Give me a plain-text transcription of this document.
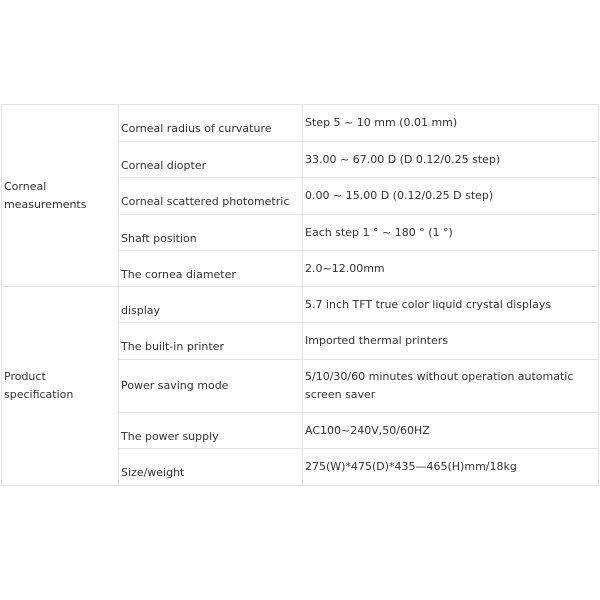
Corneal measurements	Corneal radius of curvature	Step 5 ~ 10 mm (0.01 mm)
	Corneal diopter	33.00 ~ 67.00 D (D 0.12/0.25 step)
	Corneal scattered photometric	0.00 ~ 15.00 D (0.12/0.25 D step)
	Shaft position	Each step 1 ° ~ 180 ° (1 °)
	The cornea diameter	2.0~12.00mm
Product specification	display	5.7 inch TFT true color liquid crystal displays
	The built-in printer	Imported thermal printers
	Power saving mode	5/10/30/60 minutes without operation automatic screen saver
	The power supply	AC100~240V,50/60HZ
	Size/weight	275(W)*475(D)*435—465(H)mm/18kg
